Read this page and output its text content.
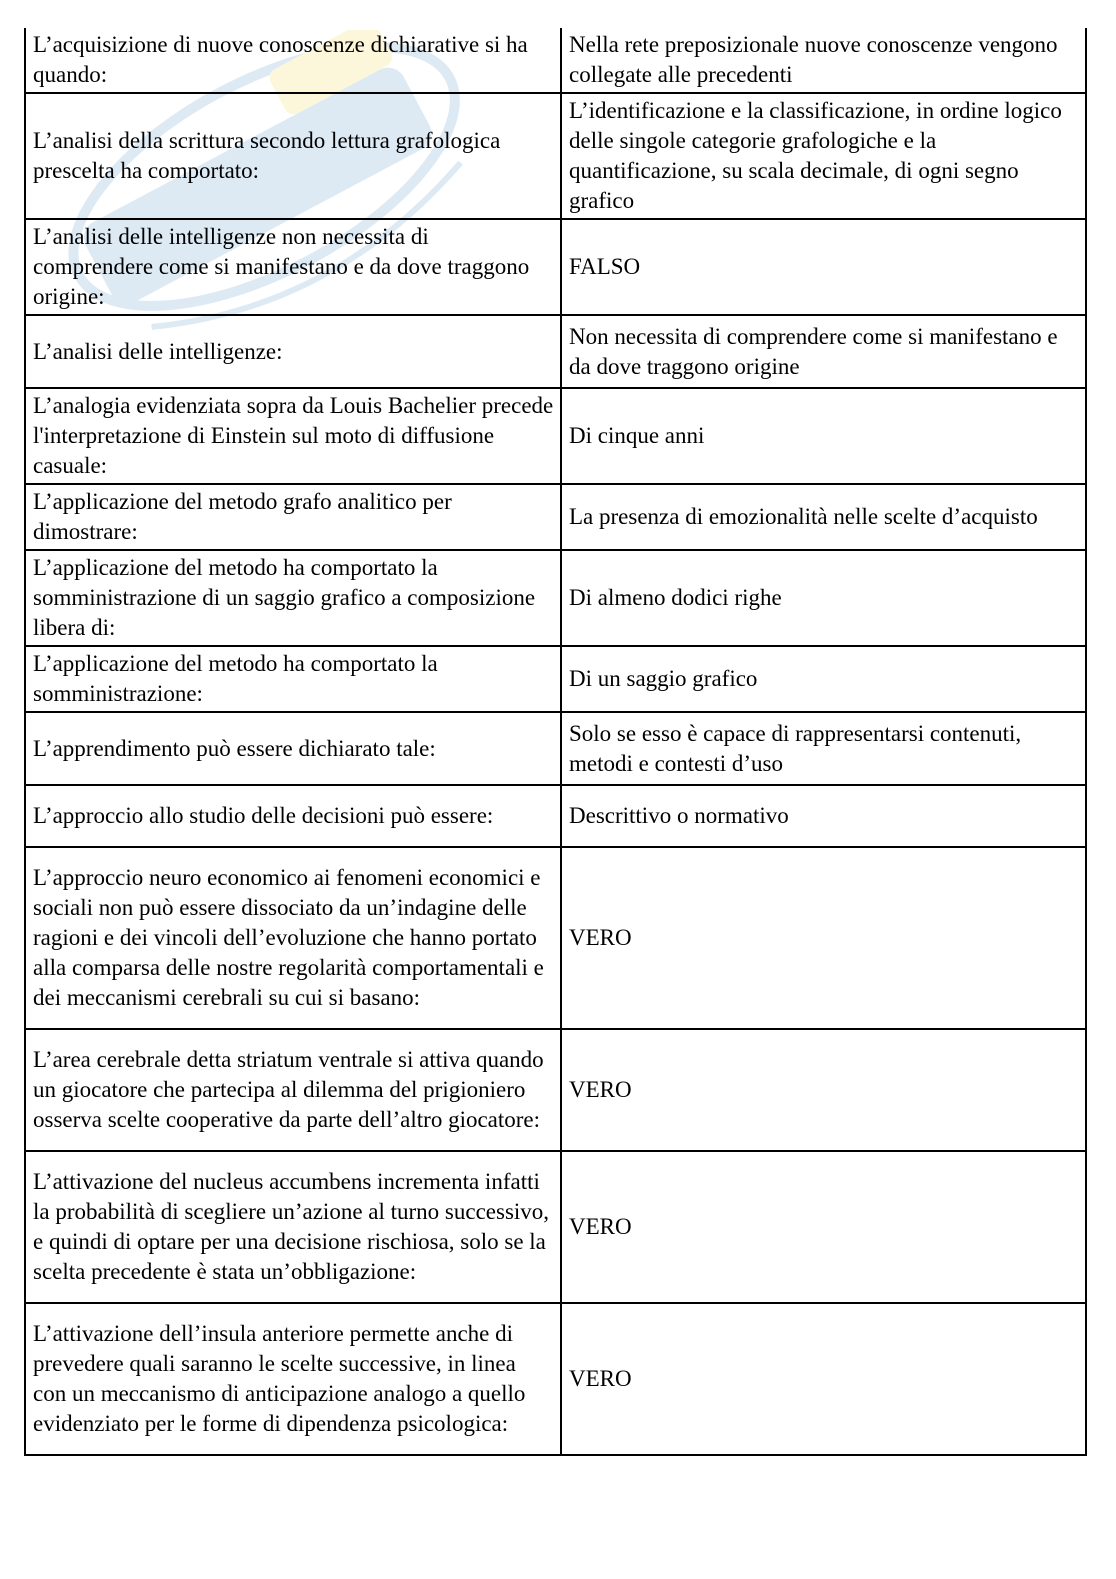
L’acquisizione di nuove conoscenze dichiarative si ha quando:	Nella rete preposizionale nuove conoscenze vengono collegate alle precedenti
L’analisi della scrittura secondo lettura grafologica prescelta ha comportato:	L’identificazione e la classificazione, in ordine logico delle singole categorie grafologiche e la quantificazione, su scala decimale, di ogni segno grafico
L’analisi delle intelligenze non necessita di comprendere come si manifestano e da dove traggono origine:	FALSO
L’analisi delle intelligenze:	Non necessita di comprendere come si manifestano e da dove traggono origine
L’analogia evidenziata sopra da Louis Bachelier precede l'interpretazione di Einstein sul moto di diffusione casuale:	Di cinque anni
L’applicazione del metodo grafo analitico per dimostrare:	La presenza di emozionalità nelle scelte d’acquisto
L’applicazione del metodo ha comportato la somministrazione di un saggio grafico a composizione libera di:	Di almeno dodici righe
L’applicazione del metodo ha comportato la somministrazione:	Di un saggio grafico
L’apprendimento può essere dichiarato tale:	Solo se esso è capace di rappresentarsi contenuti, metodi e contesti d’uso
L’approccio allo studio delle decisioni può essere:	Descrittivo o normativo
L’approccio neuro economico ai fenomeni economici e sociali non può essere dissociato da un’indagine delle ragioni e dei vincoli dell’evoluzione che hanno portato alla comparsa delle nostre regolarità comportamentali e dei meccanismi cerebrali su cui si basano:	VERO
L’area cerebrale detta striatum ventrale si attiva quando un giocatore che partecipa al dilemma del prigioniero osserva scelte cooperative da parte dell’altro giocatore:	VERO
L’attivazione del nucleus accumbens incrementa infatti la probabilità di scegliere un’azione al turno successivo, e quindi di optare per una decisione rischiosa, solo se la scelta precedente è stata un’obbligazione:	VERO
L’attivazione dell’insula anteriore permette anche di prevedere quali saranno le scelte successive, in linea con un meccanismo di anticipazione analogo a quello evidenziato per le forme di dipendenza psicologica:	VERO
